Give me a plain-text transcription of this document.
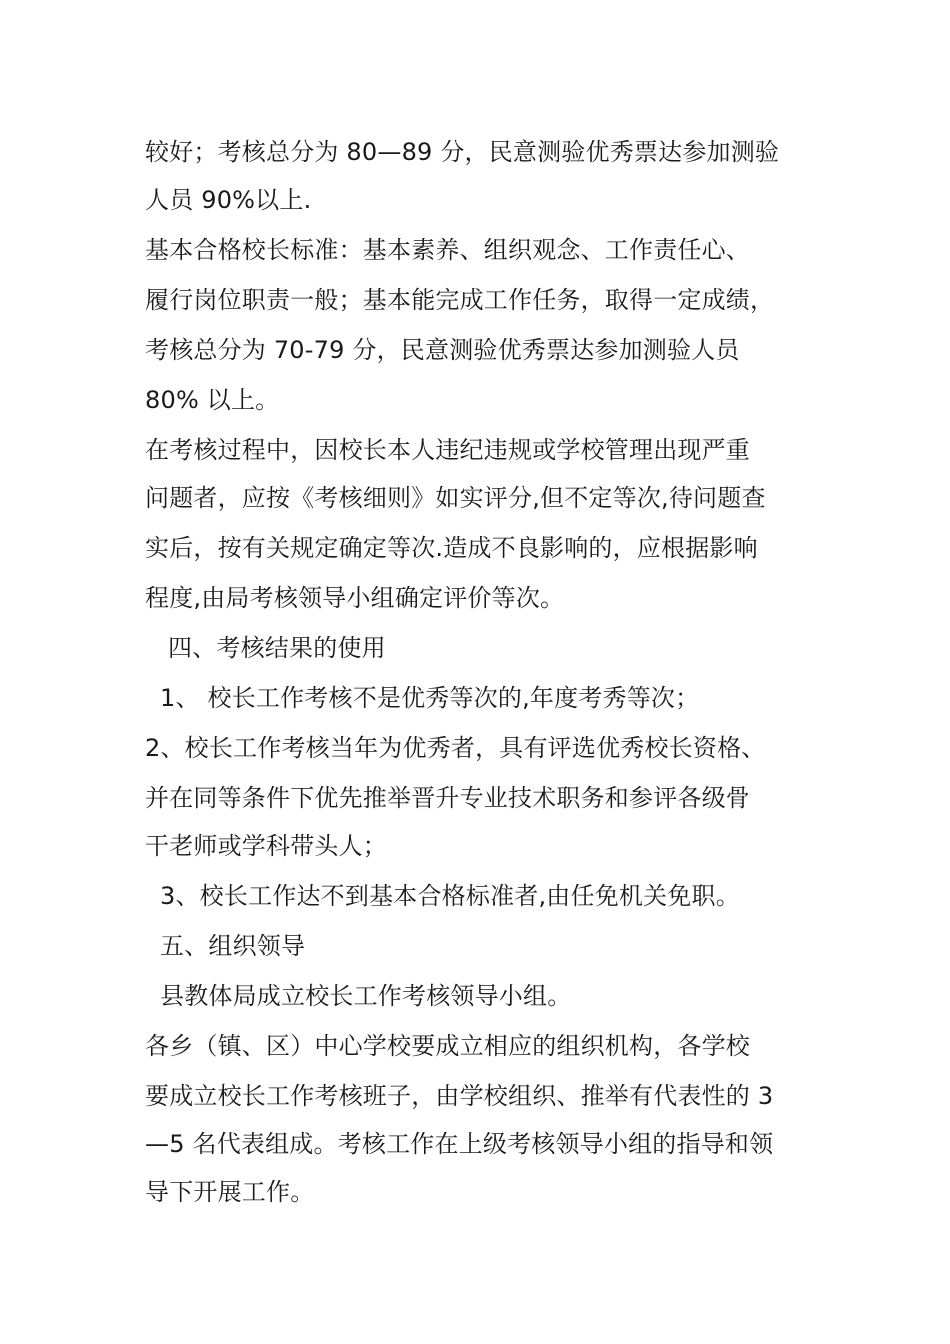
较好；考核总分为 80—89 分，民意测验优秀票达参加测验
人员 90%以上.
基本合格校长标准：基本素养、组织观念、工作责任心、
履行岗位职责一般；基本能完成工作任务，取得一定成绩，
考核总分为 70-79 分，民意测验优秀票达参加测验人员
80% 以上。
在考核过程中，因校长本人违纪违规或学校管理出现严重
问题者，应按《考核细则》如实评分,但不定等次,待问题查
实后，按有关规定确定等次.造成不良影响的，应根据影响
程度,由局考核领导小组确定评价等次。
四、考核结果的使用
1、 校长工作考核不是优秀等次的,年度考秀等次；
2、校长工作考核当年为优秀者，具有评选优秀校长资格、
并在同等条件下优先推举晋升专业技术职务和参评各级骨
干老师或学科带头人；
3、校长工作达不到基本合格标准者,由任免机关免职。
五、组织领导
县教体局成立校长工作考核领导小组。
各乡（镇、区）中心学校要成立相应的组织机构，各学校
要成立校长工作考核班子，由学校组织、推举有代表性的 3
—5 名代表组成。考核工作在上级考核领导小组的指导和领
导下开展工作。
